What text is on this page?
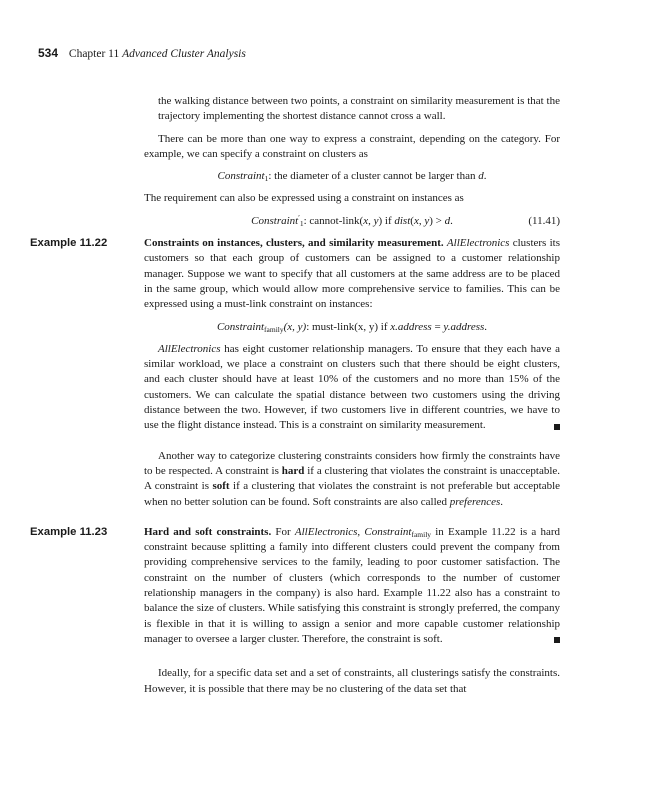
534 Chapter 11 Advanced Cluster Analysis

the walking distance between two points, a constraint on similarity measurement is that the trajectory implementing the shortest distance cannot cross a wall.

There can be more than one way to express a constraint, depending on the category. For example, we can specify a constraint on clusters as

Constraint$_1$: the diameter of a cluster cannot be larger than d.

The requirement can also be expressed using a constraint on instances as

Constraint′$_1$: cannot-link(x, y) if dist(x, y) > d.	(11.41)

Example 11.22	Constraints on instances, clusters, and similarity measurement. AllElectronics clusters its customers so that each group of customers can be assigned to a customer relationship manager. Suppose we want to specify that all customers at the same address are to be placed in the same group, which would allow more comprehensive service to families. This can be expressed using a must-link constraint on instances:

Constraint$_{family}$(x, y): must-link(x, y) if x.address = y.address.

AllElectronics has eight customer relationship managers. To ensure that they each have a similar workload, we place a constraint on clusters such that there should be eight clusters, and each cluster should have at least 10% of the customers and no more than 15% of the customers. We can calculate the spatial distance between two customers using the driving distance between the two. However, if two customers live in different countries, we have to use the flight distance instead. This is a constraint on similarity measurement.

Another way to categorize clustering constraints considers how firmly the constraints have to be respected. A constraint is hard if a clustering that violates the constraint is unacceptable. A constraint is soft if a clustering that violates the constraint is not preferable but acceptable when no better solution can be found. Soft constraints are also called preferences.

Example 11.23	Hard and soft constraints. For AllElectronics, Constraint$_{family}$ in Example 11.22 is a hard constraint because splitting a family into different clusters could prevent the company from providing comprehensive services to the family, leading to poor customer satisfaction. The constraint on the number of clusters (which corresponds to the number of customer relationship managers in the company) is also hard. Example 11.22 also has a constraint to balance the size of clusters. While satisfying this constraint is strongly preferred, the company is flexible in that it is willing to assign a senior and more capable customer relationship manager to oversee a larger cluster. Therefore, the constraint is soft.

Ideally, for a specific data set and a set of constraints, all clusterings satisfy the constraints. However, it is possible that there may be no clustering of the data set that
